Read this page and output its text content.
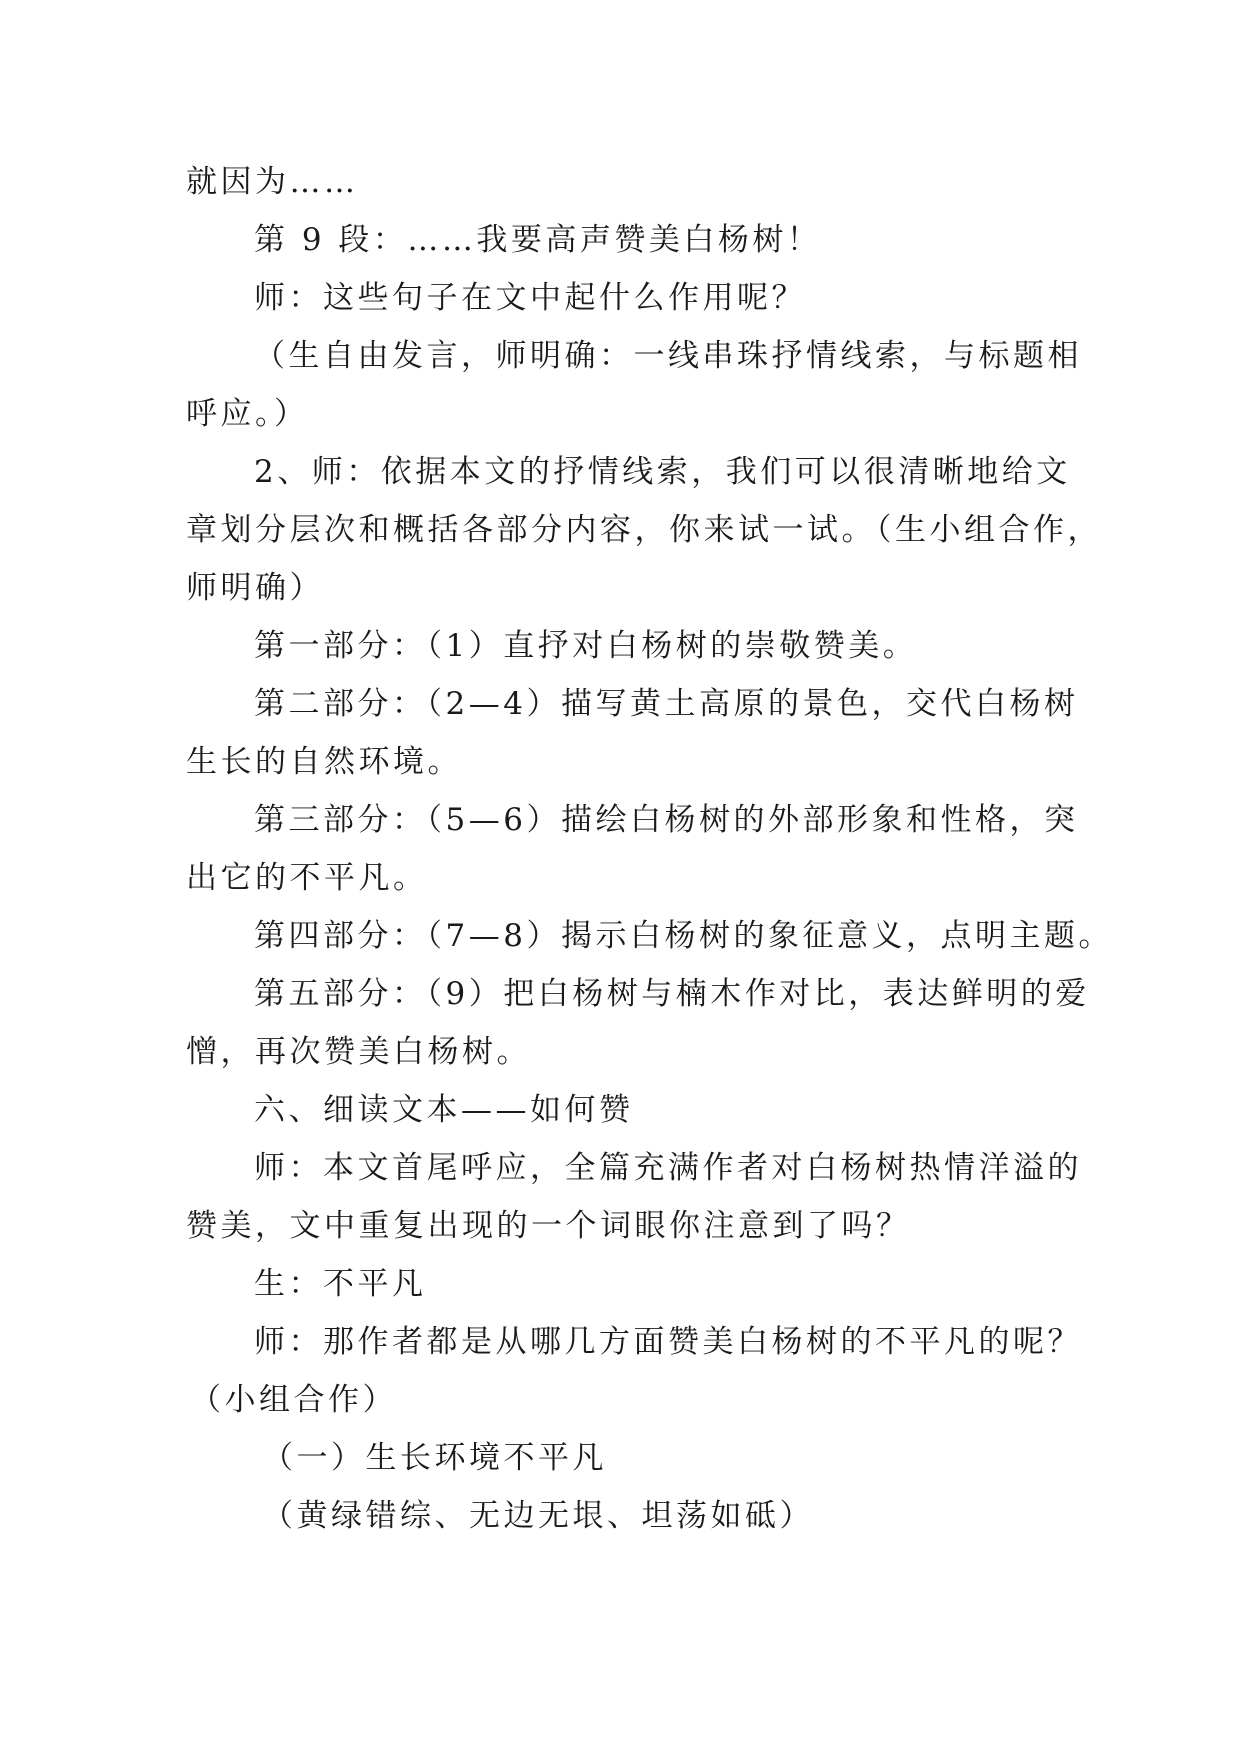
就因为……
第 9 段：……我要高声赞美白杨树！
师：这些句子在文中起什么作用呢？
（生自由发言，师明确：一线串珠抒情线索，与标题相
呼应。）
2、师：依据本文的抒情线索，我们可以很清晰地给文
章划分层次和概括各部分内容，你来试一试。（生小组合作，
师明确）
第一部分：（1）直抒对白杨树的崇敬赞美。
第二部分：（2—4）描写黄土高原的景色，交代白杨树
生长的自然环境。
第三部分：（5—6）描绘白杨树的外部形象和性格，突
出它的不平凡。
第四部分：（7—8）揭示白杨树的象征意义，点明主题。
第五部分：（9）把白杨树与楠木作对比，表达鲜明的爱
憎，再次赞美白杨树。
六、细读文本——如何赞
师：本文首尾呼应，全篇充满作者对白杨树热情洋溢的
赞美，文中重复出现的一个词眼你注意到了吗？
生：不平凡
师：那作者都是从哪几方面赞美白杨树的不平凡的呢？
（小组合作）
（一）生长环境不平凡
（黄绿错综、无边无垠、坦荡如砥）
